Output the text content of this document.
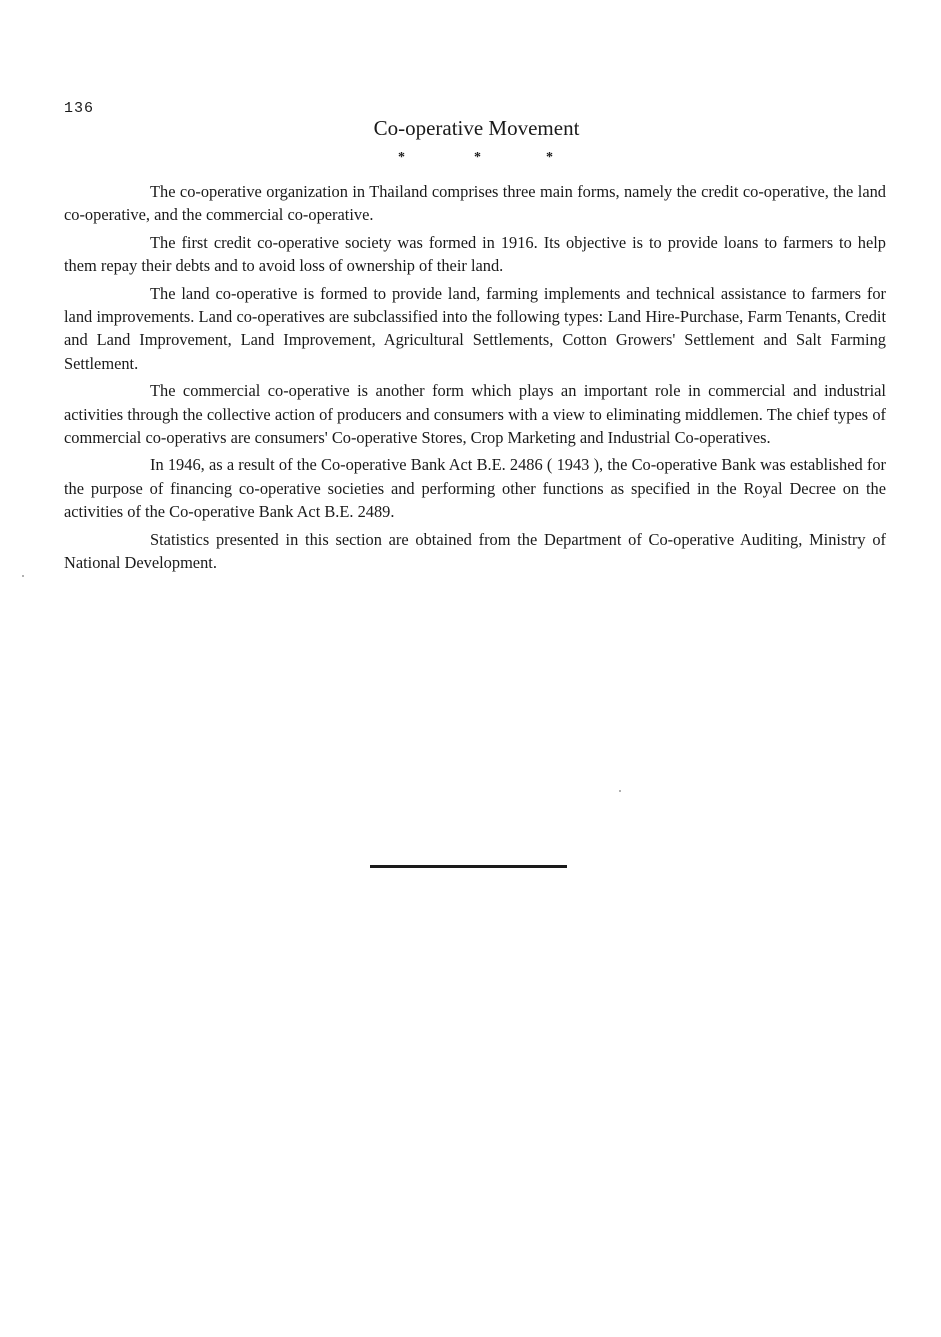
136
Co-operative Movement
*	*	*

The co-operative organization in Thailand comprises three main forms, namely the credit co-operative, the land co-operative, and the commercial co-operative.

The first credit co-operative society was formed in 1916. Its objective is to provide loans to farmers to help them repay their debts and to avoid loss of ownership of their land.

The land co-operative is formed to provide land, farming implements and technical assistance to farmers for land improvements. Land co-operatives are subclassified into the following types: Land Hire-Purchase, Farm Tenants, Credit and Land Improvement, Land Improvement, Agricultural Settlements, Cotton Growers' Settlement and Salt Farming Settlement.

The commercial co-operative is another form which plays an important role in commercial and industrial activities through the collective action of producers and consumers with a view to eliminating middlemen. The chief types of commercial co-operativs are consumers' Co-operative Stores, Crop Marketing and Industrial Co-operatives.

In 1946, as a result of the Co-operative Bank Act B.E. 2486 ( 1943 ), the Co-operative Bank was established for the purpose of financing co-operative societies and performing other functions as specified in the Royal Decree on the activities of the Co-operative Bank Act B.E. 2489.

Statistics presented in this section are obtained from the Department of Co-operative Auditing, Ministry of National Development.
